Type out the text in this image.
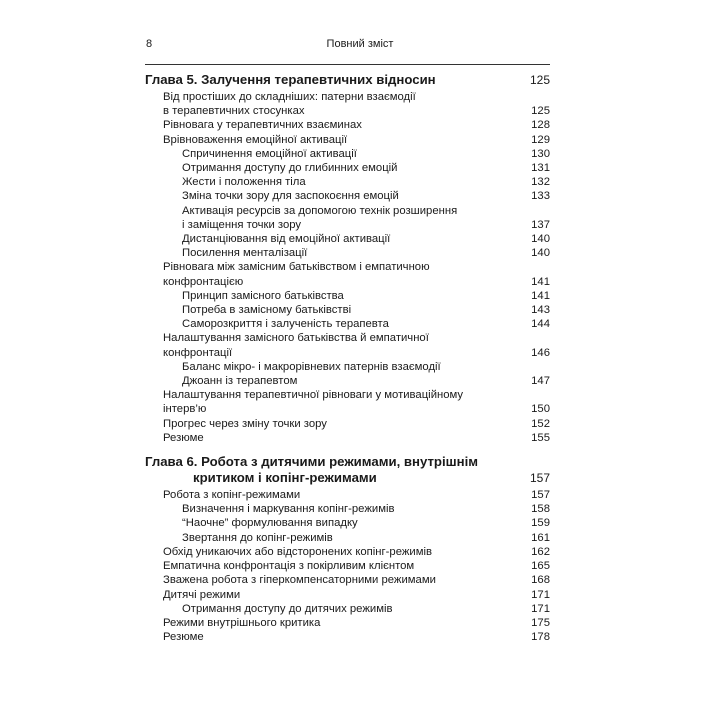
8	Повний зміст
Глава 5. Залучення терапевтичних відносин	125
Від простіших до складніших: патерни взаємодії
в терапевтичних стосунках	125
Рівновага у терапевтичних взаєминах	128
Врівноваження емоційної активації	129
Спричинення емоційної активації	130
Отримання доступу до глибинних емоцій	131
Жести і положення тіла	132
Зміна точки зору для заспокоєння емоцій	133
Активація ресурсів за допомогою технік розширення
і заміщення точки зору	137
Дистанціювання від емоційної активації	140
Посилення менталізації	140
Рівновага між замісним батьківством і емпатичною
конфронтацією	141
Принцип замісного батьківства	141
Потреба в замісному батьківстві	143
Саморозкриття і залученість терапевта	144
Налаштування замісного батьківства й емпатичної
конфронтації	146
Баланс мікро- і макрорівневих патернів взаємодії
Джоанн із терапевтом	147
Налаштування терапевтичної рівноваги у мотиваційному
інтерв’ю	150
Прогрес через зміну точки зору	152
Резюме	155
Глава 6. Робота з дитячими режимами, внутрішнім
критиком і копінг-режимами	157
Робота з копінг-режимами	157
Визначення і маркування копінг-режимів	158
“Наочне” формулювання випадку	159
Звертання до копінг-режимів	161
Обхід уникаючих або відсторонених копінг-режимів	162
Емпатична конфронтація з покірливим клієнтом	165
Зважена робота з гіперкомпенсаторними режимами	168
Дитячі режими	171
Отримання доступу до дитячих режимів	171
Режими внутрішнього критика	175
Резюме	178
